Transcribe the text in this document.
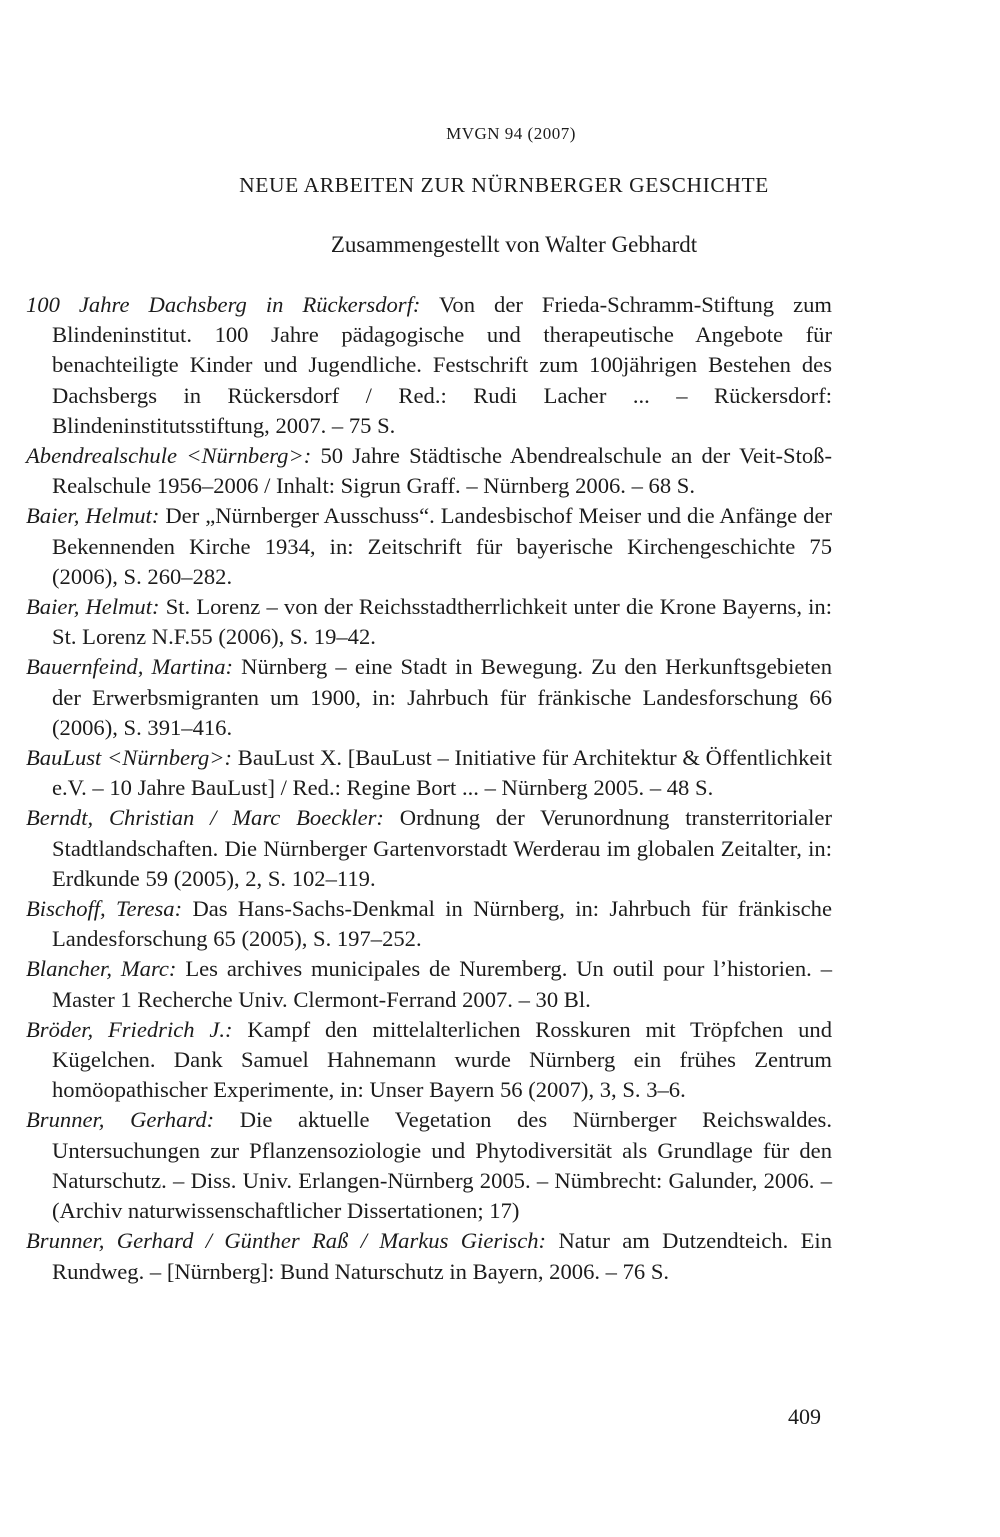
MVGN 94 (2007)
NEUE ARBEITEN ZUR NÜRNBERGER GESCHICHTE
Zusammengestellt von Walter Gebhardt

100 Jahre Dachsberg in Rückersdorf: Von der Frieda-Schramm-Stiftung zum Blindeninstitut. 100 Jahre pädagogische und therapeutische Angebote für benachteiligte Kinder und Jugendliche. Festschrift zum 100jährigen Bestehen des Dachsbergs in Rückersdorf / Red.: Rudi Lacher ... – Rückersdorf: Blindeninstitutsstiftung, 2007. – 75 S.

Abendrealschule <Nürnberg>: 50 Jahre Städtische Abendrealschule an der Veit-Stoß-Realschule 1956–2006 / Inhalt: Sigrun Graff. – Nürnberg 2006. – 68 S.

Baier, Helmut: Der „Nürnberger Ausschuss“. Landesbischof Meiser und die Anfänge der Bekennenden Kirche 1934, in: Zeitschrift für bayerische Kirchengeschichte 75 (2006), S. 260–282.

Baier, Helmut: St. Lorenz – von der Reichsstadtherrlichkeit unter die Krone Bayerns, in: St. Lorenz N.F.55 (2006), S. 19–42.

Bauernfeind, Martina: Nürnberg – eine Stadt in Bewegung. Zu den Herkunftsgebieten der Erwerbsmigranten um 1900, in: Jahrbuch für fränkische Landesforschung 66 (2006), S. 391–416.

BauLust <Nürnberg>: BauLust X. [BauLust – Initiative für Architektur & Öffentlichkeit e.V. – 10 Jahre BauLust] / Red.: Regine Bort ... – Nürnberg 2005. – 48 S.

Berndt, Christian / Marc Boeckler: Ordnung der Verunordnung transterritorialer Stadtlandschaften. Die Nürnberger Gartenvorstadt Werderau im globalen Zeitalter, in: Erdkunde 59 (2005), 2, S. 102–119.

Bischoff, Teresa: Das Hans-Sachs-Denkmal in Nürnberg, in: Jahrbuch für fränkische Landesforschung 65 (2005), S. 197–252.

Blancher, Marc: Les archives municipales de Nuremberg. Un outil pour l’historien. – Master 1 Recherche Univ. Clermont-Ferrand 2007. – 30 Bl.

Bröder, Friedrich J.: Kampf den mittelalterlichen Rosskuren mit Tröpfchen und Kügelchen. Dank Samuel Hahnemann wurde Nürnberg ein frühes Zentrum homöopathischer Experimente, in: Unser Bayern 56 (2007), 3, S. 3–6.

Brunner, Gerhard: Die aktuelle Vegetation des Nürnberger Reichswaldes. Untersuchungen zur Pflanzensoziologie und Phytodiversität als Grundlage für den Naturschutz. – Diss. Univ. Erlangen-Nürnberg 2005. – Nümbrecht: Galunder, 2006. – (Archiv naturwissenschaftlicher Dissertationen; 17)

Brunner, Gerhard / Günther Raß / Markus Gierisch: Natur am Dutzendteich. Ein Rundweg. – [Nürnberg]: Bund Naturschutz in Bayern, 2006. – 76 S.

409
